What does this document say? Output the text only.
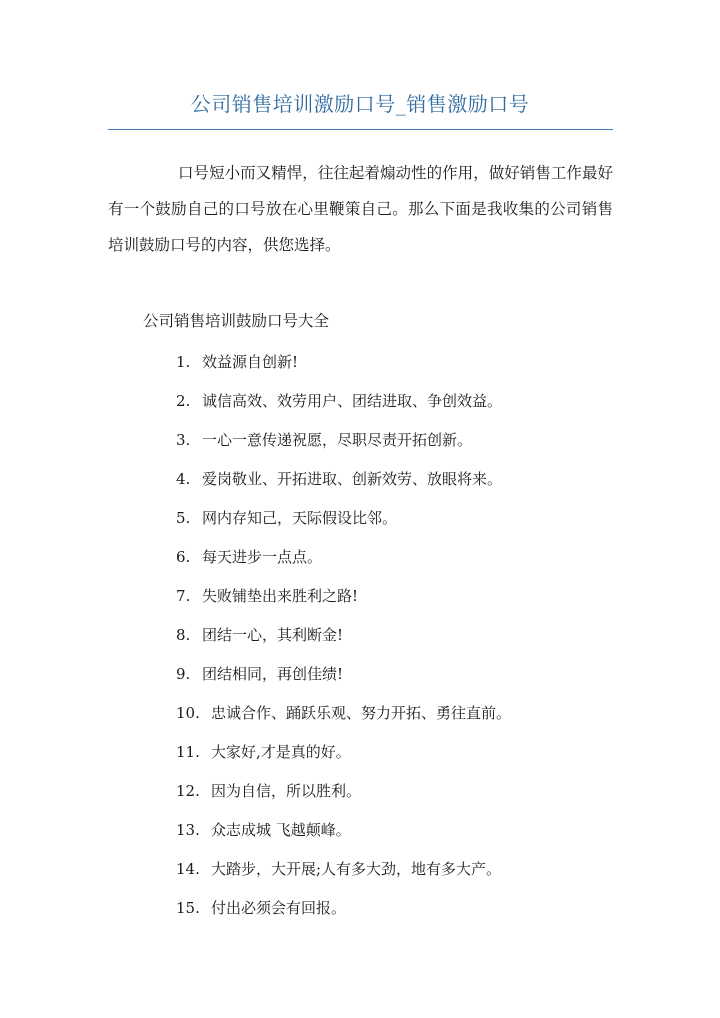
公司销售培训激励口号_销售激励口号

口号短小而又精悍，往往起着煽动性的作用，做好销售工作最好有一个鼓励自己的口号放在心里鞭策自己。那么下面是我收集的公司销售培训鼓励口号的内容，供您选择。

公司销售培训鼓励口号大全

1. 效益源自创新!
2. 诚信高效、效劳用户、团结进取、争创效益。
3. 一心一意传递祝愿，尽职尽责开拓创新。
4. 爱岗敬业、开拓进取、创新效劳、放眼将来。
5. 网内存知己，天际假设比邻。
6. 每天进步一点点。
7. 失败铺垫出来胜利之路!
8. 团结一心，其利断金!
9. 团结相同，再创佳绩!
10. 忠诚合作、踊跃乐观、努力开拓、勇往直前。
11. 大家好,才是真的好。
12. 因为自信，所以胜利。
13. 众志成城 飞越颠峰。
14. 大踏步，大开展;人有多大劲，地有多大产。
15. 付出必须会有回报。
